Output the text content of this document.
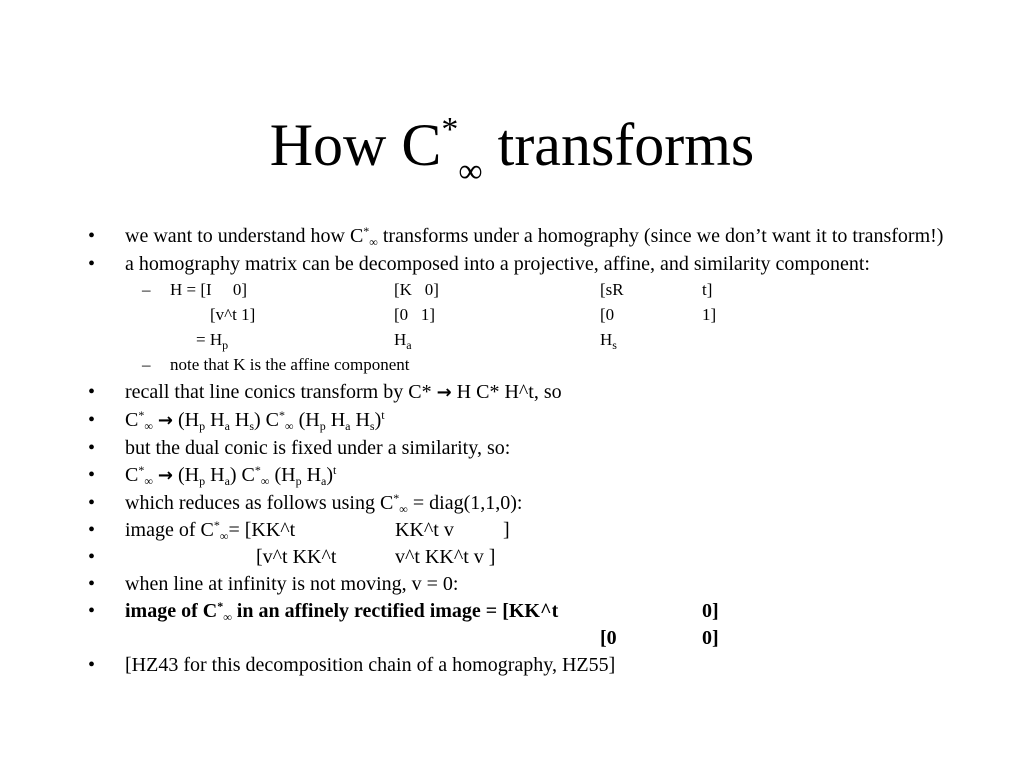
How $C^*_\infty$ transforms
•	we want to understand how $C^*_\infty$ transforms under a homography (since we don’t want it to transform!)
•	a homography matrix can be decomposed into a projective, affine, and similarity component:
–	H = [I     0]	[K   0]	[sR	t]
[v^t 1]	[0   1]	[0	1]
= $H_p$	$H_a$	$H_s$
–	note that K is the affine component
•	recall that line conics transform by C* → H C* H^t, so
•	$C^*_\infty \to (H_p$ $H_a$ $H_s$) $C^*_\infty$ ($H_p$ $H_a$ $H_s)^t$
•	but the dual conic is fixed under a similarity, so:
•	$C^*_\infty \to (H_p$ $H_a$) $C^*_\infty$ ($H_p$ $H_a)^t$
•	which reduces as follows using $C^*_\infty$ = diag(1,1,0):
•	image of $C^*_\infty=$ [KK^t	KK^t v ]
•	[v^t KK^t	v^t KK^t v ]
•	when line at infinity is not moving, v = 0:
•	image of $C^*_\infty$ in an affinely rectified image = [KK^t	0]
[0	0]
•	[HZ43 for this decomposition chain of a homography, HZ55]
